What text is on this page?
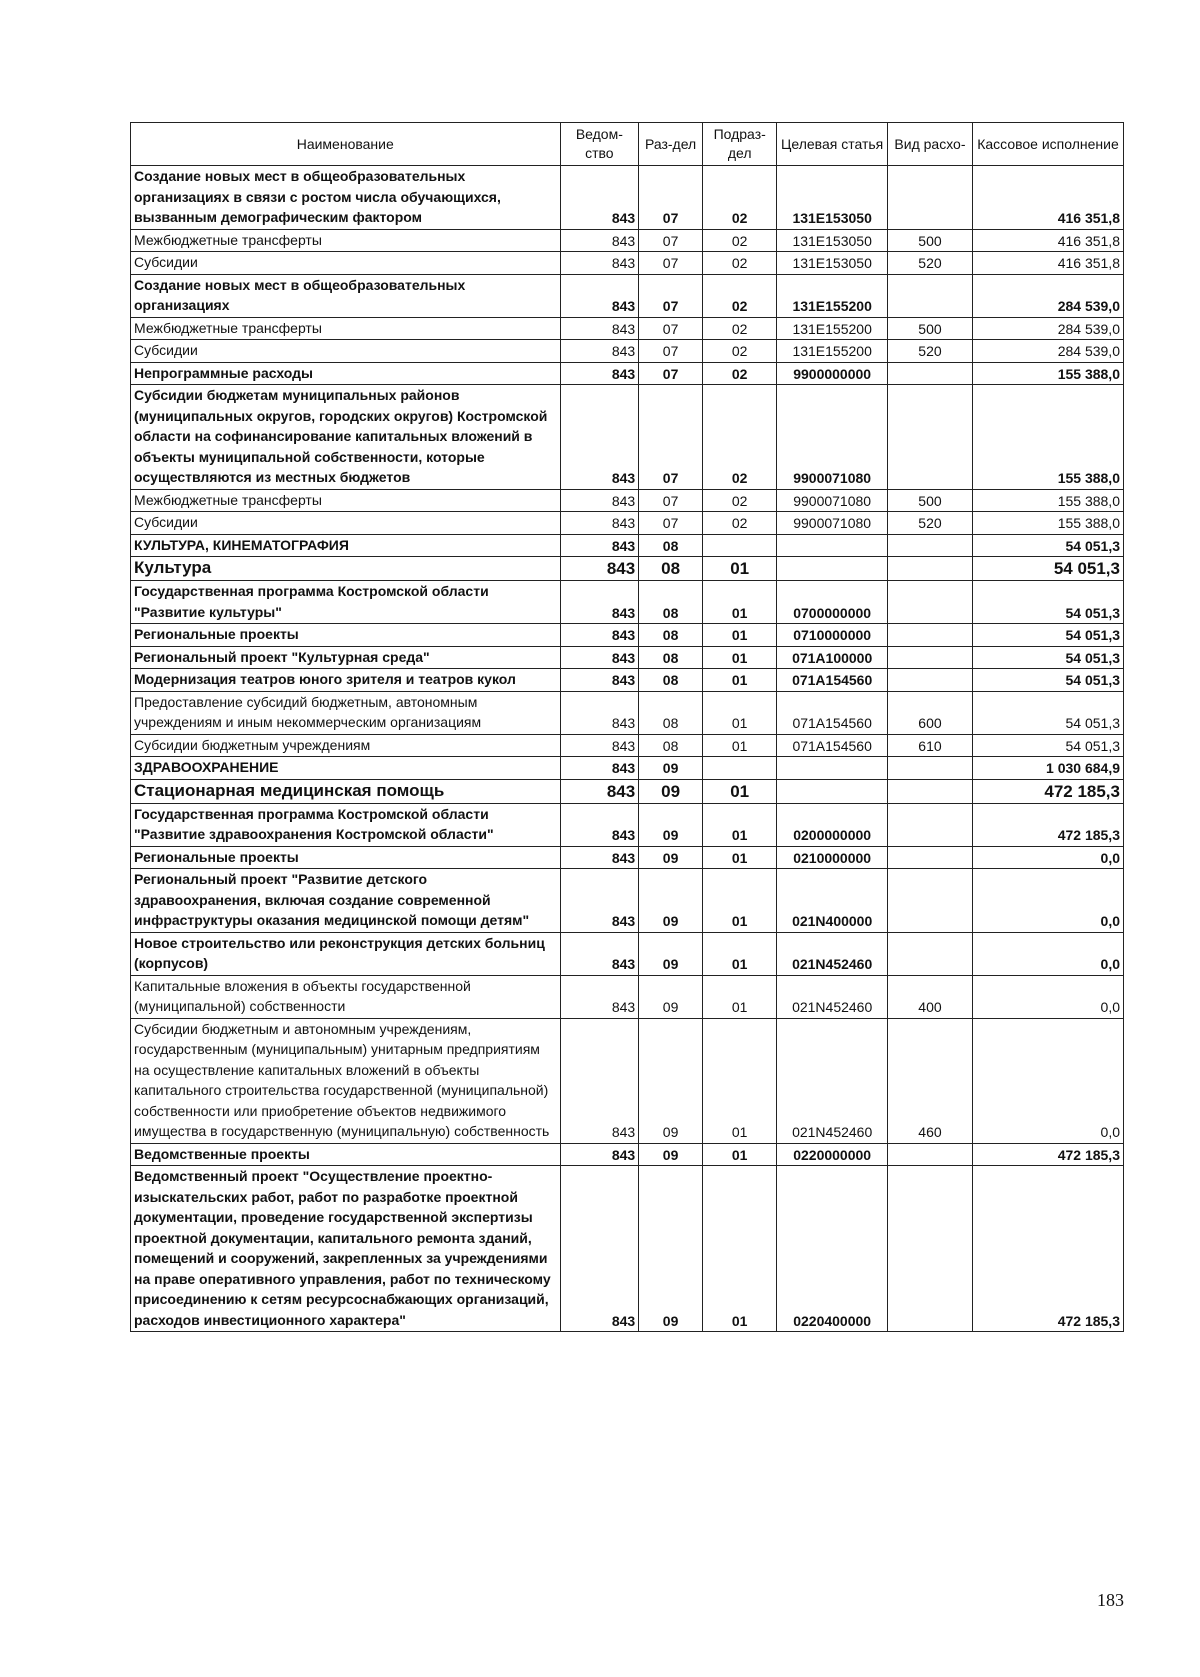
Наименование	Ведом-ство	Раз-дел	Подраз-дел	Целевая статья	Вид расхо-	Кассовое исполнение
Создание новых мест в общеобразовательных организациях в связи с ростом числа обучающихся, вызванным демографическим фактором	843	07	02	131E153050		416 351,8
Межбюджетные трансферты	843	07	02	131E153050	500	416 351,8
Субсидии	843	07	02	131E153050	520	416 351,8
Создание новых мест в общеобразовательных организациях	843	07	02	131E155200		284 539,0
Межбюджетные трансферты	843	07	02	131E155200	500	284 539,0
Субсидии	843	07	02	131E155200	520	284 539,0
Непрограммные расходы	843	07	02	9900000000		155 388,0
Субсидии бюджетам муниципальных районов (муниципальных округов, городских округов) Костромской области на софинансирование капитальных вложений в объекты муниципальной собственности, которые осуществляются из местных бюджетов	843	07	02	9900071080		155 388,0
Межбюджетные трансферты	843	07	02	9900071080	500	155 388,0
Субсидии	843	07	02	9900071080	520	155 388,0
КУЛЬТУРА, КИНЕМАТОГРАФИЯ	843	08				54 051,3
Культура	843	08	01			54 051,3
Государственная программа Костромской области "Развитие культуры"	843	08	01	0700000000		54 051,3
Региональные проекты	843	08	01	0710000000		54 051,3
Региональный проект "Культурная среда"	843	08	01	071A100000		54 051,3
Модернизация театров юного зрителя и театров кукол	843	08	01	071A154560		54 051,3
Предоставление субсидий бюджетным, автономным учреждениям и иным некоммерческим организациям	843	08	01	071A154560	600	54 051,3
Субсидии бюджетным учреждениям	843	08	01	071A154560	610	54 051,3
ЗДРАВООХРАНЕНИЕ	843	09				1 030 684,9
Стационарная медицинская помощь	843	09	01			472 185,3
Государственная программа Костромской области "Развитие здравоохранения Костромской области"	843	09	01	0200000000		472 185,3
Региональные проекты	843	09	01	0210000000		0,0
Региональный проект "Развитие детского здравоохранения, включая создание современной инфраструктуры оказания медицинской помощи детям"	843	09	01	021N400000		0,0
Новое строительство или реконструкция детских больниц (корпусов)	843	09	01	021N452460		0,0
Капитальные вложения в объекты государственной (муниципальной) собственности	843	09	01	021N452460	400	0,0
Субсидии бюджетным и автономным учреждениям, государственным (муниципальным) унитарным предприятиям на осуществление капитальных вложений в объекты капитального строительства государственной (муниципальной) собственности или приобретение объектов недвижимого имущества в государственную (муниципальную) собственность	843	09	01	021N452460	460	0,0
Ведомственные проекты	843	09	01	0220000000		472 185,3
Ведомственный проект "Осуществление проектно-изыскательских работ, работ по разработке проектной документации, проведение государственной экспертизы проектной документации, капитального ремонта зданий, помещений и сооружений, закрепленных за учреждениями на праве оперативного управления, работ по техническому присоединению к сетям ресурсоснабжающих организаций, расходов инвестиционного характера"	843	09	01	0220400000		472 185,3
183
